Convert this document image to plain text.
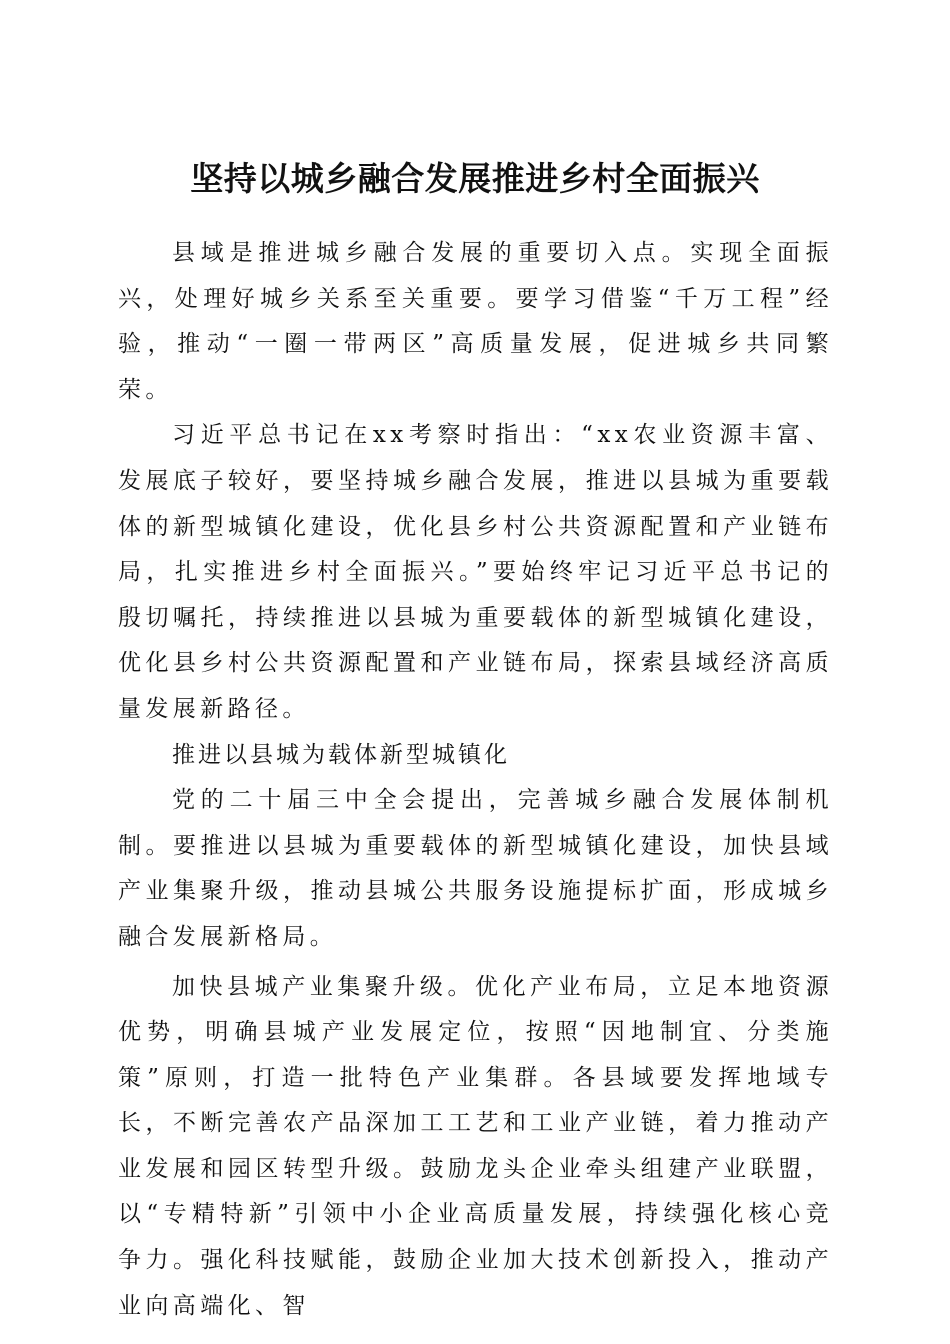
坚持以城乡融合发展推进乡村全面振兴

县域是推进城乡融合发展的重要切入点。实现全面振兴，处理好城乡关系至关重要。要学习借鉴“千万工程”经验，推动“一圈一带两区”高质量发展，促进城乡共同繁荣。

习近平总书记在xx考察时指出：“xx农业资源丰富、发展底子较好，要坚持城乡融合发展，推进以县城为重要载体的新型城镇化建设，优化县乡村公共资源配置和产业链布局，扎实推进乡村全面振兴。”要始终牢记习近平总书记的殷切嘱托，持续推进以县城为重要载体的新型城镇化建设，优化县乡村公共资源配置和产业链布局，探索县域经济高质量发展新路径。

推进以县城为载体新型城镇化

党的二十届三中全会提出，完善城乡融合发展体制机制。要推进以县城为重要载体的新型城镇化建设，加快县域产业集聚升级，推动县城公共服务设施提标扩面，形成城乡融合发展新格局。

加快县城产业集聚升级。优化产业布局，立足本地资源优势，明确县城产业发展定位，按照“因地制宜、分类施策”原则，打造一批特色产业集群。各县域要发挥地域专长，不断完善农产品深加工工艺和工业产业链，着力推动产业发展和园区转型升级。鼓励龙头企业牵头组建产业联盟，以“专精特新”引领中小企业高质量发展，持续强化核心竞争力。强化科技赋能，鼓励企业加大技术创新投入，推动产业向高端化、智
